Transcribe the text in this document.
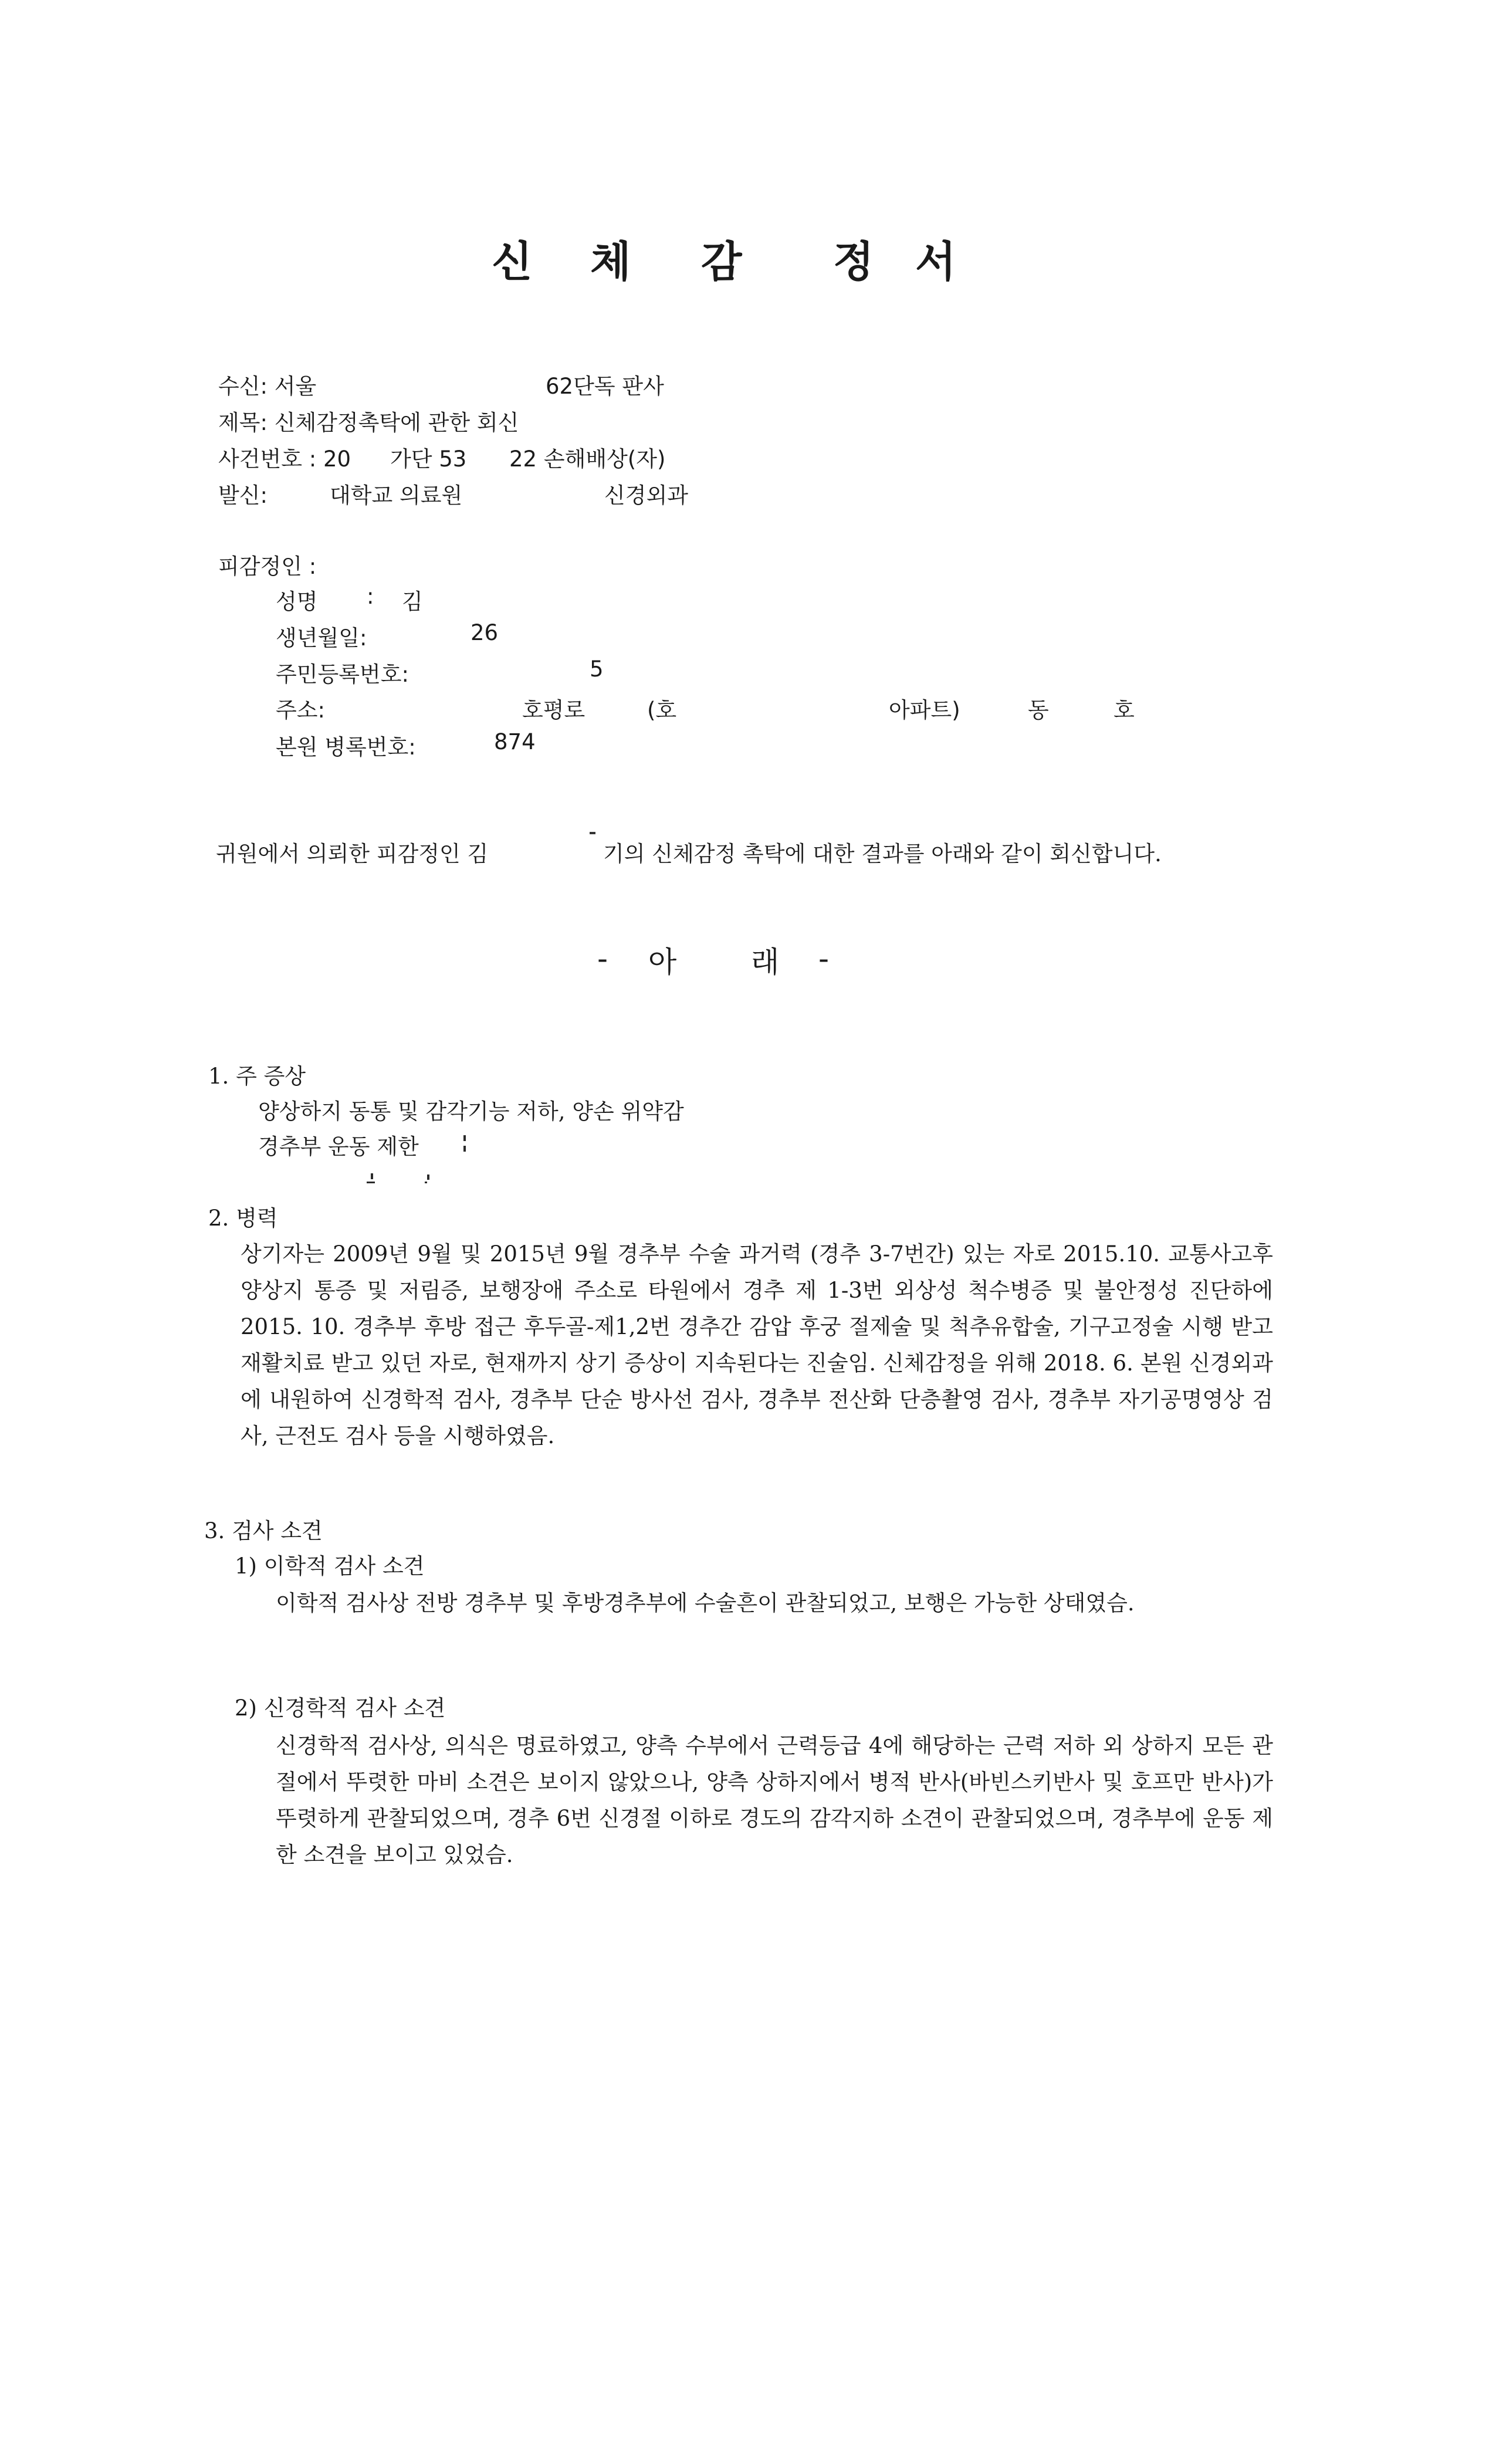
신 체 감 정 서
수신: 서울	62단독 판사
제목: 신체감정촉탁에 관한 회신
사건번호 : 20 가단 53 22 손해배상(자)
발신:	대학교 의료원	신경외과
피감정인 :
성명 : 김
생년월일:	26
주민등록번호:	5
주소:	호평로	(호	아파트)	동	호
본원 병록번호:	874
귀원에서 의뢰한 피감정인 김	기의 신체감정 촉탁에 대한 결과를 아래와 같이 회신합니다.
- 아	래 -
1. 주 증상
양상하지 동통 및 감각기능 저하, 양손 위약감
경추부 운동 제한
2. 병력
상기자는 2009년 9월 및 2015년 9월 경추부 수술 과거력 (경추 3-7번간) 있는 자로 2015.10. 교통사고후 양상지 통증 및 저림증, 보행장애 주소로 타원에서 경추 제 1-3번 외상성 척수병증 및 불안정성 진단하에 2015. 10. 경추부 후방 접근 후두골-제1,2번 경추간 감압 후궁 절제술 및 척추유합술, 기구고정술 시행 받고 재활치료 받고 있던 자로, 현재까지 상기 증상이 지속된다는 진술임. 신체감정을 위해 2018. 6. 본원 신경외과에 내원하여 신경학적 검사, 경추부 단순 방사선 검사, 경추부 전산화 단층촬영 검사, 경추부 자기공명영상 검사, 근전도 검사 등을 시행하였음.
3. 검사 소견
1) 이학적 검사 소견
이학적 검사상 전방 경추부 및 후방경추부에 수술흔이 관찰되었고, 보행은 가능한 상태였슴.
2) 신경학적 검사 소견
신경학적 검사상, 의식은 명료하였고, 양측 수부에서 근력등급 4에 해당하는 근력 저하 외 상하지 모든 관절에서 뚜렷한 마비 소견은 보이지 않았으나, 양측 상하지에서 병적 반사(바빈스키반사 및 호프만 반사)가 뚜렷하게 관찰되었으며, 경추 6번 신경절 이하로 경도의 감각지하 소견이 관찰되었으며, 경추부에 운동 제한 소견을 보이고 있었슴.
